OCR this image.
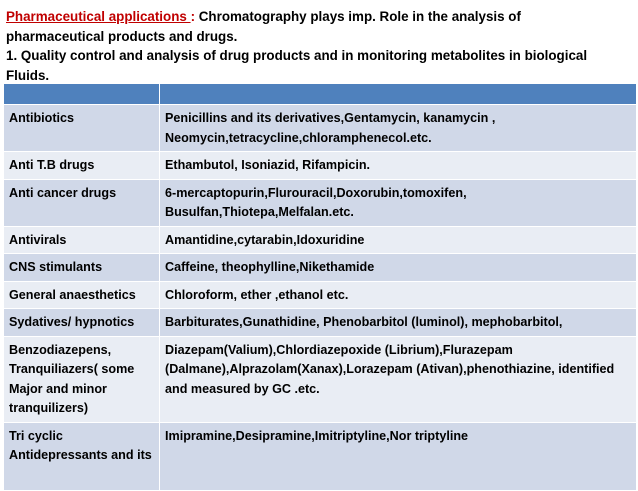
Pharmaceutical applications : Chromatography plays imp. Role in the analysis of
pharmaceutical products and drugs.
1. Quality control and analysis of drug products and in monitoring metabolites in biological Fluids.

Antibiotics	Penicillins and its derivatives,Gentamycin, kanamycin , Neomycin,tetracycline,chloramphenecol.etc.
Anti T.B drugs	Ethambutol, Isoniazid, Rifampicin.
Anti cancer drugs	6-mercaptopurin,Flurouracil,Doxorubin,tomoxifen, Busulfan,Thiotepa,Melfalan.etc.
Antivirals	Amantidine,cytarabin,Idoxuridine
CNS stimulants	Caffeine, theophylline,Nikethamide
General anaesthetics	Chloroform, ether ,ethanol etc.
Sydatives/ hypnotics	Barbiturates,Gunathidine, Phenobarbitol (luminol), mephobarbitol,
Benzodiazepens, Tranquiliazers( some Major and minor tranquilizers)	Diazepam(Valium),Chlordiazepoxide (Librium),Flurazepam (Dalmane),Alprazolam(Xanax),Lorazepam (Ativan),phenothiazine, identified and measured by GC .etc.
Tri cyclic Antidepressants and its	Imipramine,Desipramine,Imitriptyline,Nor triptyline
